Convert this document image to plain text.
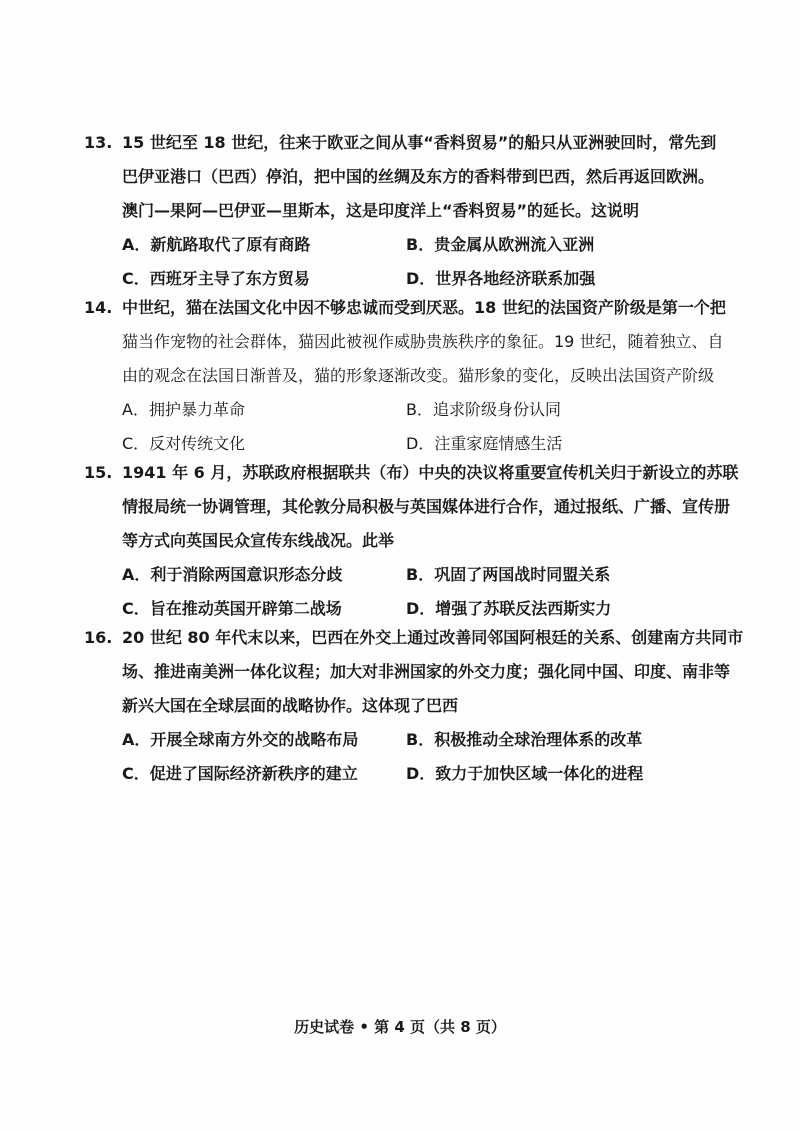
13. 15 世纪至 18 世纪，往来于欧亚之间从事“香料贸易”的船只从亚洲驶回时，常先到
巴伊亚港口（巴西）停泊，把中国的丝绸及东方的香料带到巴西，然后再返回欧洲。
澳门—果阿—巴伊亚—里斯本，这是印度洋上“香料贸易”的延长。这说明
A．新航路取代了原有商路	B．贵金属从欧洲流入亚洲
C．西班牙主导了东方贸易	D．世界各地经济联系加强
14. 中世纪，猫在法国文化中因不够忠诚而受到厌恶。18 世纪的法国资产阶级是第一个把
猫当作宠物的社会群体，猫因此被视作威胁贵族秩序的象征。19 世纪，随着独立、自
由的观念在法国日渐普及，猫的形象逐渐改变。猫形象的变化，反映出法国资产阶级
A．拥护暴力革命	B．追求阶级身份认同
C．反对传统文化	D．注重家庭情感生活
15. 1941 年 6 月，苏联政府根据联共（布）中央的决议将重要宣传机关归于新设立的苏联
情报局统一协调管理，其伦敦分局积极与英国媒体进行合作，通过报纸、广播、宣传册
等方式向英国民众宣传东线战况。此举
A．利于消除两国意识形态分歧	B．巩固了两国战时同盟关系
C．旨在推动英国开辟第二战场	D．增强了苏联反法西斯实力
16. 20 世纪 80 年代末以来，巴西在外交上通过改善同邻国阿根廷的关系、创建南方共同市
场、推进南美洲一体化议程；加大对非洲国家的外交力度；强化同中国、印度、南非等
新兴大国在全球层面的战略协作。这体现了巴西
A．开展全球南方外交的战略布局	B．积极推动全球治理体系的改革
C．促进了国际经济新秩序的建立	D．致力于加快区域一体化的进程
历史试卷 • 第 4 页（共 8 页）
